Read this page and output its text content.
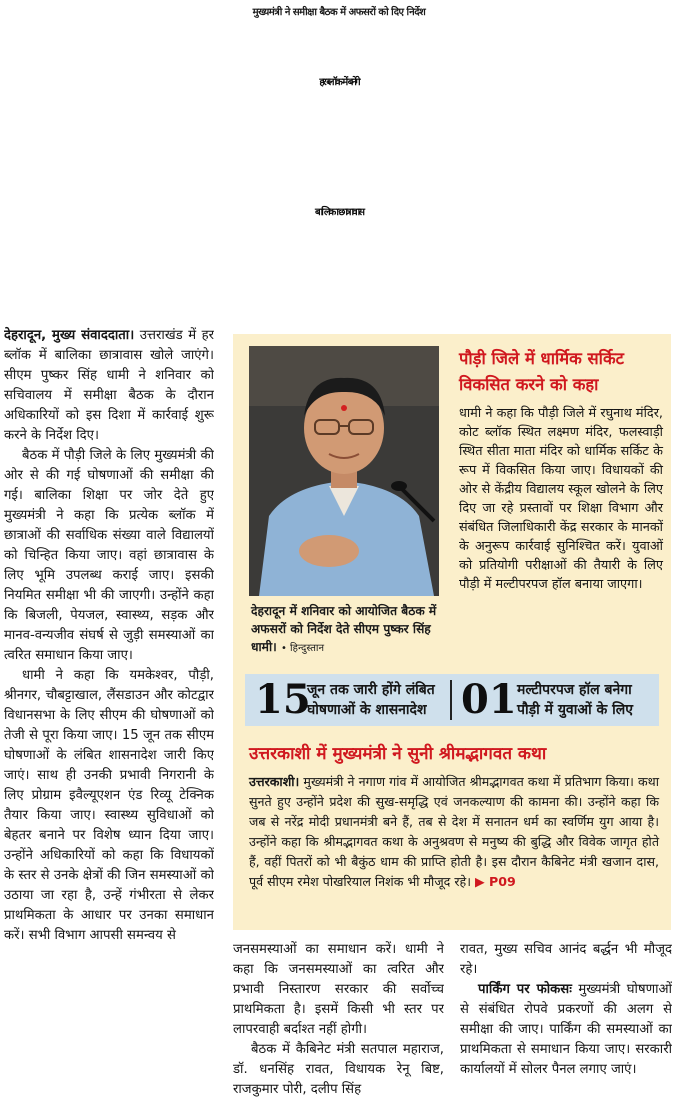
मुख्यमंत्री ने समीक्षा बैठक में अफसरों को दिए निर्देश
हर ब्लॉक में बनेंगे
बालिका छात्रावास

देहरादून, मुख्य संवाददाता। उत्तराखंड में हर ब्लॉक में बालिका छात्रावास खोले जाएंगे। सीएम पुष्कर सिंह धामी ने शनिवार को सचिवालय में समीक्षा बैठक के दौरान अधिकारियों को इस दिशा में कार्रवाई शुरू करने के निर्देश दिए।

बैठक में पौड़ी जिले के लिए मुख्यमंत्री की ओर से की गई घोषणाओं की समीक्षा की गई। बालिका शिक्षा पर जोर देते हुए मुख्यमंत्री ने कहा कि प्रत्येक ब्लॉक में छात्राओं की सर्वाधिक संख्या वाले विद्यालयों को चिन्हित किया जाए। वहां छात्रावास के लिए भूमि उपलब्ध कराई जाए। इसकी नियमित समीक्षा भी की जाएगी। उन्होंने कहा कि बिजली, पेयजल, स्वास्थ्य, सड़क और मानव-वन्यजीव संघर्ष से जुड़ी समस्याओं का त्वरित समाधान किया जाए।

धामी ने कहा कि यमकेश्वर, पौड़ी, श्रीनगर, चौबट्टाखाल, लैंसडाउन और कोटद्वार विधानसभा के लिए सीएम की घोषणाओं को तेजी से पूरा किया जाए। 15 जून तक सीएम घोषणाओं के लंबित शासनादेश जारी किए जाएं। साथ ही उनकी प्रभावी निगरानी के लिए प्रोग्राम इवैल्यूएशन एंड रिव्यू टेक्निक तैयार किया जाए। स्वास्थ्य सुविधाओं को बेहतर बनाने पर विशेष ध्यान दिया जाए। उन्होंने अधिकारियों को कहा कि विधायकों के स्तर से उनके क्षेत्रों की जिन समस्याओं को उठाया जा रहा है, उन्हें गंभीरता से लेकर प्राथमिकता के आधार पर उनका समाधान करें। सभी विभाग आपसी समन्वय से

देहरादून में शनिवार को आयोजित बैठक में अफसरों को निर्देश देते सीएम पुष्कर सिंह धामी। • हिन्दुस्तान
पौड़ी जिले में धार्मिक सर्किट विकसित करने को कहा
धामी ने कहा कि पौड़ी जिले में रघुनाथ मंदिर, कोट ब्लॉक स्थित लक्ष्मण मंदिर, फलस्वाड़ी स्थित सीता माता मंदिर को धार्मिक सर्किट के रूप में विकसित किया जाए। विधायकों की ओर से केंद्रीय विद्यालय स्कूल खोलने के लिए दिए जा रहे प्रस्तावों पर शिक्षा विभाग और संबंधित जिलाधिकारी केंद्र सरकार के मानकों के अनुरूप कार्रवाई सुनिश्चित करें। युवाओं को प्रतियोगी परीक्षाओं की तैयारी के लिए पौड़ी में मल्टीपरपज हॉल बनाया जाएगा।
15
जून तक जारी होंगे लंबित घोषणाओं के शासनादेश 01 मल्टीपरपज हॉल बनेगा पौड़ी में युवाओं के लिए
उत्तरकाशी में मुख्यमंत्री ने सुनी श्रीमद्भागवत कथा
उत्तरकाशी। मुख्यमंत्री ने नगाण गांव में आयोजित श्रीमद्भागवत कथा में प्रतिभाग किया। कथा सुनते हुए उन्होंने प्रदेश की सुख-समृद्धि एवं जनकल्याण की कामना की। उन्होंने कहा कि जब से नरेंद्र मोदी प्रधानमंत्री बने हैं, तब से देश में सनातन धर्म का स्वर्णिम युग आया है। उन्होंने कहा कि श्रीमद्भागवत कथा के अनुश्रवण से मनुष्य की बुद्धि और विवेक जागृत होते हैं, वहीं पितरों को भी बैकुंठ धाम की प्राप्ति होती है। इस दौरान कैबिनेट मंत्री खजान दास, पूर्व सीएम रमेश पोखरियाल निशंक भी मौजूद रहे। ▶ P09

जनसमस्याओं का समाधान करें। धामी ने कहा कि जनसमस्याओं का त्वरित और प्रभावी निस्तारण सरकार की सर्वोच्च प्राथमिकता है। इसमें किसी भी स्तर पर लापरवाही बर्दाश्त नहीं होगी।

बैठक में कैबिनेट मंत्री सतपाल महाराज, डॉ. धनसिंह रावत, विधायक रेनू बिष्ट, राजकुमार पोरी, दलीप सिंह

रावत, मुख्य सचिव आनंद बर्द्धन भी मौजूद रहे।

पार्किंग पर फोकसः मुख्यमंत्री घोषणाओं से संबंधित रोपवे प्रकरणों की अलग से समीक्षा की जाए। पार्किंग की समस्याओं का प्राथमिकता से समाधान किया जाए। सरकारी कार्यालयों में सोलर पैनल लगाए जाएं।
